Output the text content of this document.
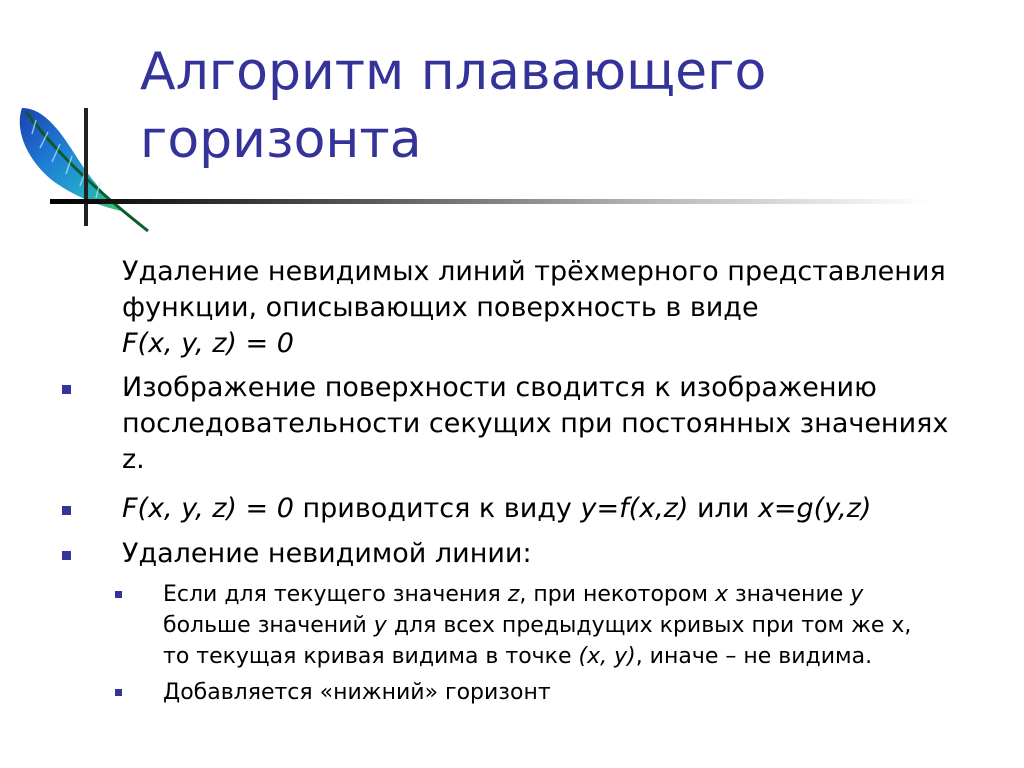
Алгоритм плавающего
горизонта
Удаление невидимых линий трёхмерного представления
функции, описывающих поверхность в виде
F(x, y, z) = 0
Изображение поверхности сводится к изображению
последовательности секущих при постоянных значениях
z.
F(x, y, z) = 0 приводится к виду y=f(x,z) или x=g(y,z)
Удаление невидимой линии:
Если для текущего значения z, при некотором x значение y
больше значений y для всех предыдущих кривых при том же x,
то текущая кривая видима в точке (x, y), иначе – не видима.
Добавляется «нижний» горизонт
